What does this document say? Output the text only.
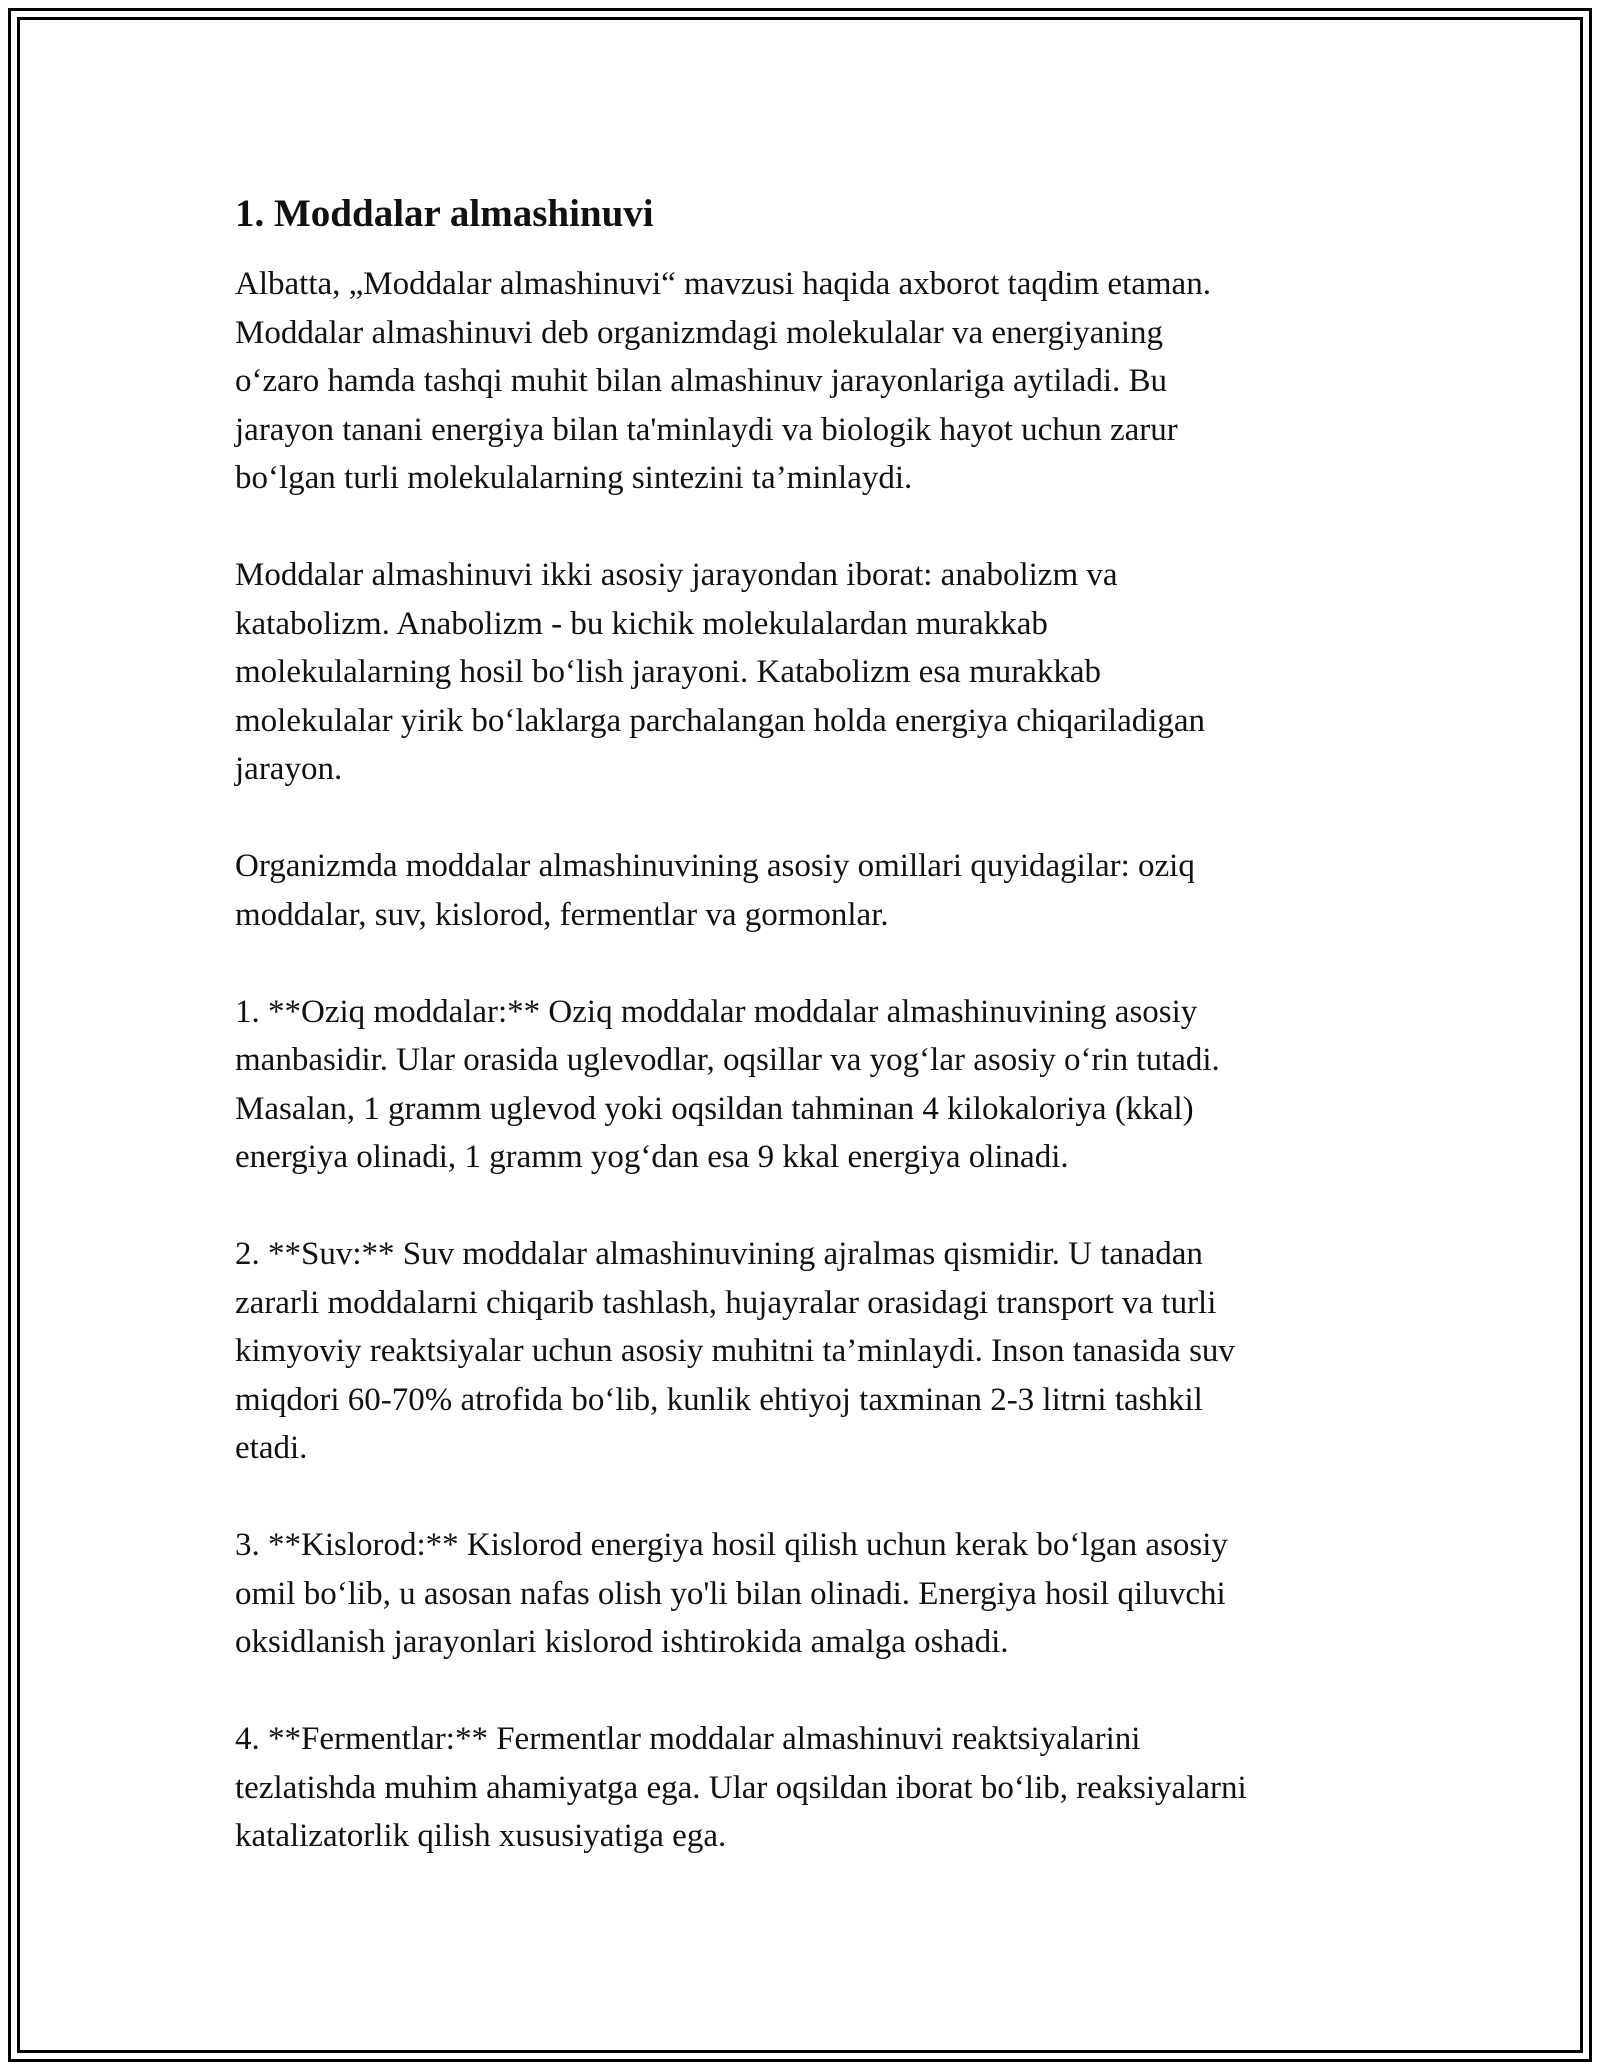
1. Moddalar almashinuvi

Albatta, „Moddalar almashinuvi“ mavzusi haqida axborot taqdim etaman.
Moddalar almashinuvi deb organizmdagi molekulalar va energiyaning
o‘zaro hamda tashqi muhit bilan almashinuv jarayonlariga aytiladi. Bu
jarayon tanani energiya bilan ta'minlaydi va biologik hayot uchun zarur
bo‘lgan turli molekulalarning sintezini ta’minlaydi.

Moddalar almashinuvi ikki asosiy jarayondan iborat: anabolizm va
katabolizm. Anabolizm - bu kichik molekulalardan murakkab
molekulalarning hosil bo‘lish jarayoni. Katabolizm esa murakkab
molekulalar yirik bo‘laklarga parchalangan holda energiya chiqariladigan
jarayon.

Organizmda moddalar almashinuvining asosiy omillari quyidagilar: oziq
moddalar, suv, kislorod, fermentlar va gormonlar.

1. **Oziq moddalar:** Oziq moddalar moddalar almashinuvining asosiy
manbasidir. Ular orasida uglevodlar, oqsillar va yog‘lar asosiy o‘rin tutadi.
Masalan, 1 gramm uglevod yoki oqsildan tahminan 4 kilokaloriya (kkal)
energiya olinadi, 1 gramm yog‘dan esa 9 kkal energiya olinadi.

2. **Suv:** Suv moddalar almashinuvining ajralmas qismidir. U tanadan
zararli moddalarni chiqarib tashlash, hujayralar orasidagi transport va turli
kimyoviy reaktsiyalar uchun asosiy muhitni ta’minlaydi. Inson tanasida suv
miqdori 60-70% atrofida bo‘lib, kunlik ehtiyoj taxminan 2-3 litrni tashkil
etadi.

3. **Kislorod:** Kislorod energiya hosil qilish uchun kerak bo‘lgan asosiy
omil bo‘lib, u asosan nafas olish yo'li bilan olinadi. Energiya hosil qiluvchi
oksidlanish jarayonlari kislorod ishtirokida amalga oshadi.

4. **Fermentlar:** Fermentlar moddalar almashinuvi reaktsiyalarini
tezlatishda muhim ahamiyatga ega. Ular oqsildan iborat bo‘lib, reaksiyalarni
katalizatorlik qilish xususiyatiga ega.
